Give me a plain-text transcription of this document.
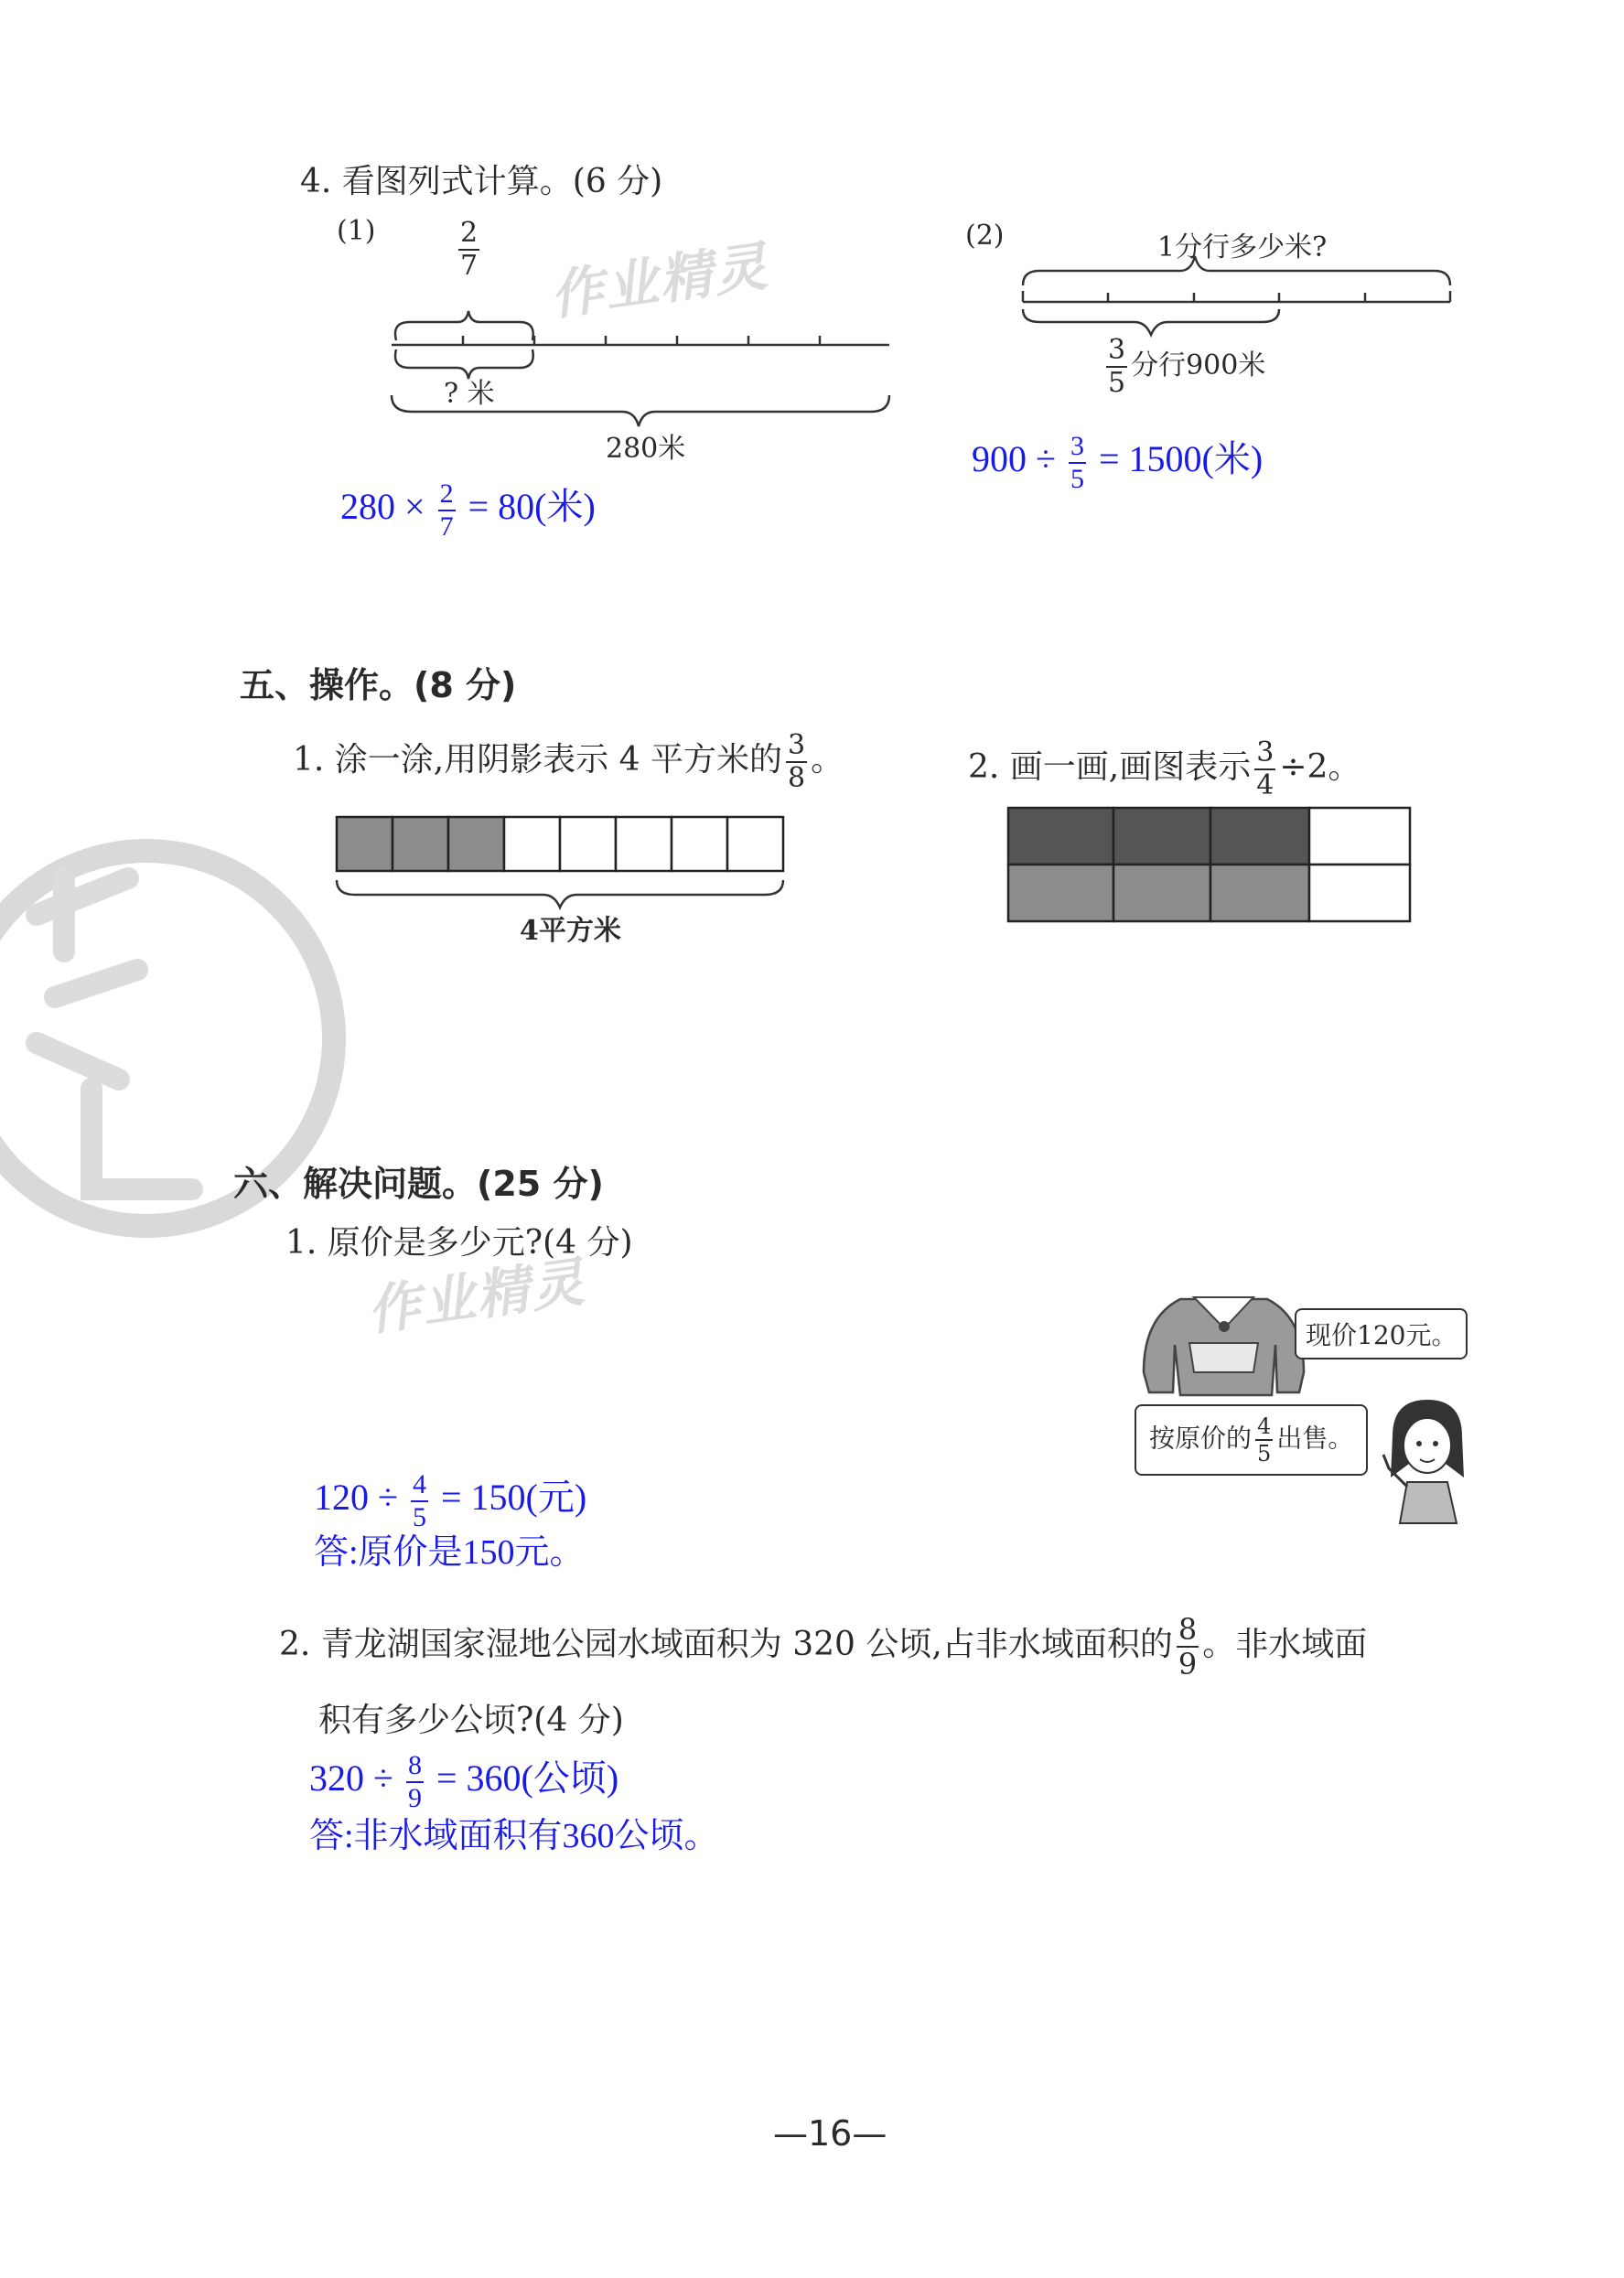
作业精灵
作业精灵
4. 看图列式计算。(6 分)
(1)	$\frac{2}{7}$
? 米
280米
$280 \times \frac{2}{7} = 80$(米)
(2)	1分行多少米?
$\frac{3}{5}$ 分行900米
$900 \div \frac{3}{5} = 1500$(米)
五、操作。(8 分)
1. 涂一涂,用阴影表示 4 平方米的 $\frac{3}{8}$ 。
4平方米
2. 画一画,画图表示 $\frac{3}{4} \div 2$。
六、解决问题。(25 分)
1. 原价是多少元?(4 分)
现价120元。
按原价的 $\frac{4}{5}$ 出售。
$120 \div \frac{4}{5} = 150$(元)
答:原价是150元。
2. 青龙湖国家湿地公园水域面积为 320 公顷,占非水域面积的 $\frac{8}{9}$ 。非水域面
积有多少公顷?(4 分)
$320 \div \frac{8}{9} = 360$(公顷)
答:非水域面积有360公顷。
—16—
